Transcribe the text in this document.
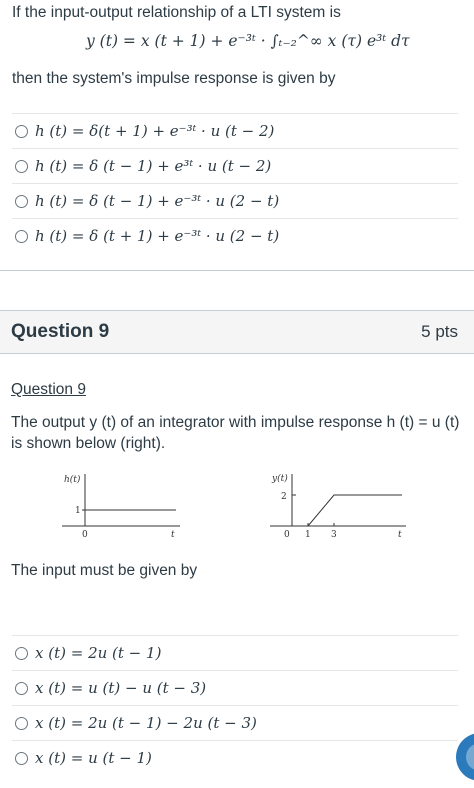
If the input-output relationship of a LTI system is
y (t) = x (t + 1) + e⁻³ᵗ · ∫ₜ₋₂^∞ x (τ) e³ᵗ dτ
then the system's impulse response is given by
h (t) = δ(t + 1) + e⁻³ᵗ · u (t − 2)
h (t) = δ (t − 1) + e³ᵗ · u (t − 2)
h (t) = δ (t − 1) + e⁻³ᵗ · u (2 − t)
h (t) = δ (t + 1) + e⁻³ᵗ · u (2 − t)
Question 9	5 pts
Question 9
The output y (t) of an integrator with impulse response h (t) = u (t) is shown below (right).
h(t)
1
0	t
y(t)
2
0 1 3	t
The input must be given by
x (t) = 2u (t − 1)
x (t) = u (t) − u (t − 3)
x (t) = 2u (t − 1) − 2u (t − 3)
x (t) = u (t − 1)
